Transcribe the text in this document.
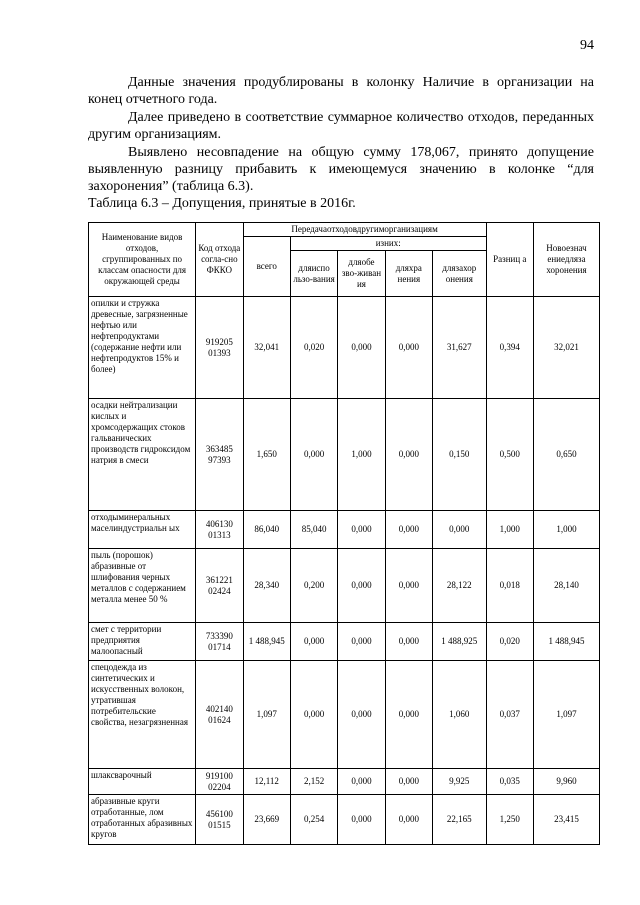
94
Данные значения продублированы в колонку Наличие в организации на конец отчетного года.
Далее приведено в соответствие суммарное количество отходов, переданных другим организациям.
Выявлено несовпадение на общую сумму 178,067, принято допущение выявленную разницу прибавить к имеющемуся значению в колонке “для захоронения” (таблица 6.3).
Таблица 6.3 – Допущения, принятые в 2016г.
Наименование видов отходов, сгруппированных по классам опасности для окружающей среды	Код отхода согла-сно ФККО	Передачаотходовдругиморганизациям					Разниц а	Новоезнач ениедляза хоронения
		всего	изних:					
			дляиспо льзо-вания	дляобе зво-живан ия	дляхра нения	длязахор онения		
опилки и стружка древесные, загрязненные нефтью или нефтепродуктами (содержание нефти или нефтепродуктов 15% и более)	919205 01393	32,041	0,020	0,000	0,000	31,627	0,394	32,021
осадки нейтрализации кислых и хромсодержащих стоков гальванических производств гидроксидом натрия в смеси	363485 97393	1,650	0,000	1,000	0,000	0,150	0,500	0,650
отходыминеральных маселиндустриальн ых	406130 01313	86,040	85,040	0,000	0,000	0,000	1,000	1,000
пыль (порошок) абразивные от шлифования черных металлов с содержанием металла менее 50 %	361221 02424	28,340	0,200	0,000	0,000	28,122	0,018	28,140
смет с территории предприятия малоопасный	733390 01714	1 488,945	0,000	0,000	0,000	1 488,925	0,020	1 488,945
спецодежда из синтетических и искусственных волокон, утратившая потребительские свойства, незагрязненная	402140 01624	1,097	0,000	0,000	0,000	1,060	0,037	1,097
шлаксварочный	919100 02204	12,112	2,152	0,000	0,000	9,925	0,035	9,960
абразивные круги отработанные, лом отработанных абразивных кругов	456100 01515	23,669	0,254	0,000	0,000	22,165	1,250	23,415
